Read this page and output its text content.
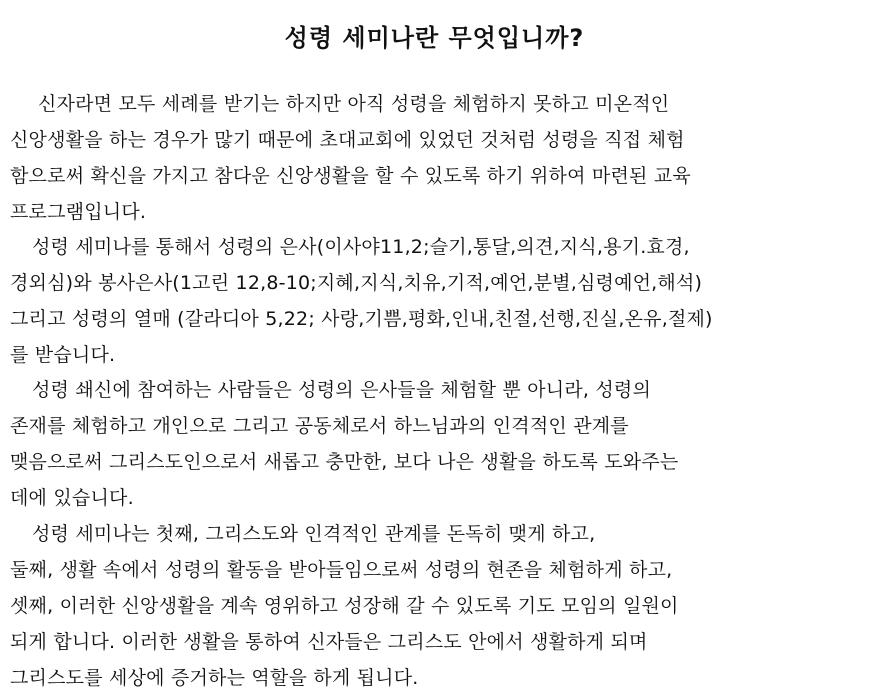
성령 세미나란 무엇입니까?
신자라면 모두 세례를 받기는 하지만 아직 성령을 체험하지 못하고 미온적인
신앙생활을 하는 경우가 많기 때문에 초대교회에 있었던 것처럼 성령을 직접 체험
함으로써 확신을 가지고 참다운 신앙생활을 할 수 있도록 하기 위하여 마련된 교육
프로그램입니다.
성령 세미나를 통해서 성령의 은사(이사야11,2;슬기,통달,의견,지식,용기.효경,
경외심)와 봉사은사(1고린 12,8-10;지혜,지식,치유,기적,예언,분별,심령예언,해석)
그리고 성령의 열매 (갈라디아 5,22; 사랑,기쁨,평화,인내,친절,선행,진실,온유,절제)
를 받습니다.
성령 쇄신에 참여하는 사람들은 성령의 은사들을 체험할 뿐 아니라, 성령의
존재를 체험하고 개인으로 그리고 공동체로서 하느님과의 인격적인 관계를
맺음으로써 그리스도인으로서 새롭고 충만한, 보다 나은 생활을 하도록 도와주는
데에 있습니다.
성령 세미나는 첫째, 그리스도와 인격적인 관계를 돈독히 맺게 하고,
둘째, 생활 속에서 성령의 활동을 받아들임으로써 성령의 현존을 체험하게 하고,
셋째, 이러한 신앙생활을 계속 영위하고 성장해 갈 수 있도록 기도 모임의 일원이
되게 합니다. 이러한 생활을 통하여 신자들은 그리스도 안에서 생활하게 되며
그리스도를 세상에 증거하는 역할을 하게 됩니다.
